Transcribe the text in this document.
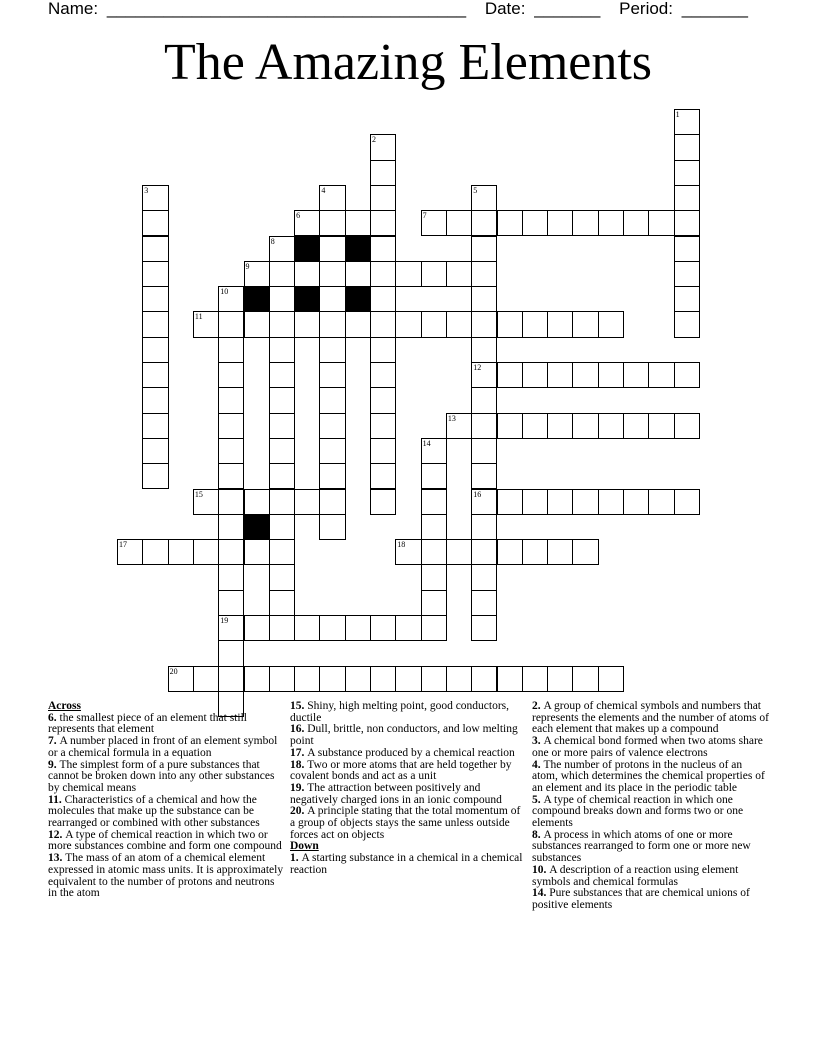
Name: ______________________________________ Date: _______ Period: _______
The Amazing Elements
1
2
3	4	5
12
16
6	7
8
9
10
19
11
13
14
15
17	18
20
Across
6. the smallest piece of an element that still represents that element
7. A number placed in front of an element symbol or a chemical formula in a equation
9. The simplest form of a pure substances that cannot be broken down into any other substances by chemical means
11. Characteristics of a chemical and how the molecules that make up the substance can be rearranged or combined with other substances
12. A type of chemical reaction in which two or more substances combine and form one compound
13. The mass of an atom of a chemical element expressed in atomic mass units. It is approximately equivalent to the number of protons and neutrons in the atom
15. Shiny, high melting point, good conductors, ductile
16. Dull, brittle, non conductors, and low melting point
17. A substance produced by a chemical reaction
18. Two or more atoms that are held together by covalent bonds and act as a unit
19. The attraction between positively and negatively charged ions in an ionic compound
20. A principle stating that the total momentum of a group of objects stays the same unless outside forces act on objects
Down
1. A starting substance in a chemical in a chemical reaction
2. A group of chemical symbols and numbers that represents the elements and the number of atoms of each element that makes up a compound
3. A chemical bond formed when two atoms share one or more pairs of valence electrons
4. The number of protons in the nucleus of an atom, which determines the chemical properties of an element and its place in the periodic table
5. A type of chemical reaction in which one compound breaks down and forms two or one elements
8. A process in which atoms of one or more substances rearranged to form one or more new substances
10. A description of a reaction using element symbols and chemical formulas
14. Pure substances that are chemical unions of positive elements
